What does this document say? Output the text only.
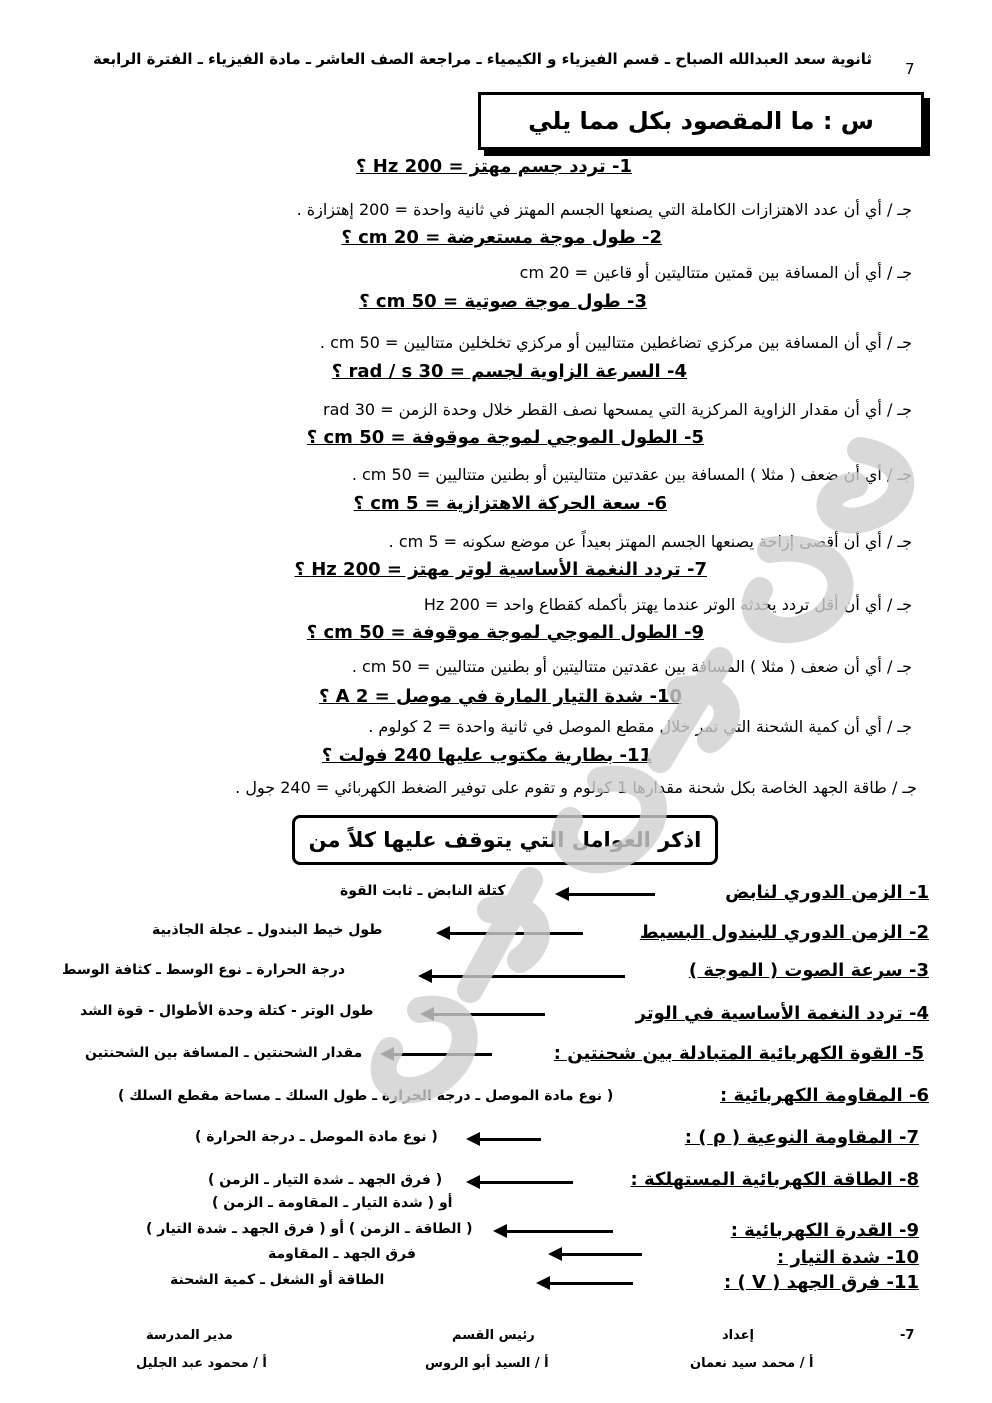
ثانوية سعد العبدالله الصباح ـ قسم الفيزياء و الكيمياء ـ مراجعة الصف العاشر ـ مادة الفيزياء ـ الفترة الرابعة
7
س : ما المقصود بكل مما يلي
1- تردد جسم مهتز = 200 Hz ؟
جـ / أي أن عدد الاهتزازات الكاملة التي يصنعها الجسم المهتز في ثانية واحدة = 200 إهتزازة .
2- طول موجة مستعرضة = 20 cm ؟
جـ / أي أن المسافة بين قمتين متتاليتين أو قاعين = 20 cm
3- طول موجة صوتية = 50 cm ؟
جـ / أي أن المسافة بين مركزي تضاغطين متتاليين أو مركزي تخلخلين متتاليين = 50 cm .
4- السرعة الزاوية لجسم = 30 rad / s ؟
جـ / أي أن مقدار الزاوية المركزية التي يمسحها نصف القطر خلال وحدة الزمن = 30 rad
5- الطول الموجي لموجة موقوفة = 50 cm ؟
جـ / أي أن ضعف ( مثلا ) المسافة بين عقدتين متتاليتين أو بطنين متتاليين = 50 cm .
6- سعة الحركة الاهتزازية = 5 cm ؟
جـ / أي أن أقصى إزاحة يصنعها الجسم المهتز بعيداً عن موضع سكونه = 5 cm .
7- تردد النغمة الأساسية لوتر مهتز = 200 Hz ؟
جـ / أي أن أقل تردد يحدثه الوتر عندما يهتز بأكمله كقطاع واحد = 200 Hz
9- الطول الموجي لموجة موقوفة = 50 cm ؟
جـ / أي أن ضعف ( مثلا ) المسافة بين عقدتين متتاليتين أو بطنين متتاليين = 50 cm .
10- شدة التيار المارة في موصل = 2 A ؟
جـ / أي أن كمية الشحنة التي تمر خلال مقطع الموصل في ثانية واحدة = 2 كولوم .
11- بطارية مكتوب عليها 240 فولت ؟
جـ / طاقة الجهد الخاصة بكل شحنة مقدارها 1 كولوم و تقوم على توفير الضغط الكهربائي = 240 جول .
اذكر العوامل التي يتوقف عليها كلاً من
1- الزمن الدوري لنابض
كتلة النابض ـ ثابت القوة
2- الزمن الدوري للبندول البسيط
طول خيط البندول ـ عجلة الجاذبية
3- سرعة الصوت ( الموجة )
درجة الحرارة ـ نوع الوسط ـ كثافة الوسط
4- تردد النغمة الأساسية في الوتر
طول الوتر - كتلة وحدة الأطوال - قوة الشد
5- القوة الكهربائية المتبادلة بين شحنتين :
مقدار الشحنتين ـ المسافة بين الشحنتين
6- المقاومة الكهربائية :
( نوع مادة الموصل ـ درجة الحرارة ـ طول السلك ـ مساحة مقطع السلك )
7- المقاومة النوعية ( ρ ) :
( نوع مادة الموصل ـ درجة الحرارة )
8- الطاقة الكهربائية المستهلكة :
( فرق الجهد ـ شدة التيار ـ الزمن )
أو ( شدة التيار ـ المقاومة ـ الزمن )
9- القدرة الكهربائية :
( الطاقة ـ الزمن ) أو ( فرق الجهد ـ شدة التيار )
10- شدة التيار :
فرق الجهد ـ المقاومة
11- فرق الجهد ( V ) :
الطاقة أو الشغل ـ كمية الشحنة
7-
إعداد
أ / محمد سيد نعمان
رئيس القسم
أ / السيد أبو الروس
مدير المدرسة
أ / محمود عبد الجليل
